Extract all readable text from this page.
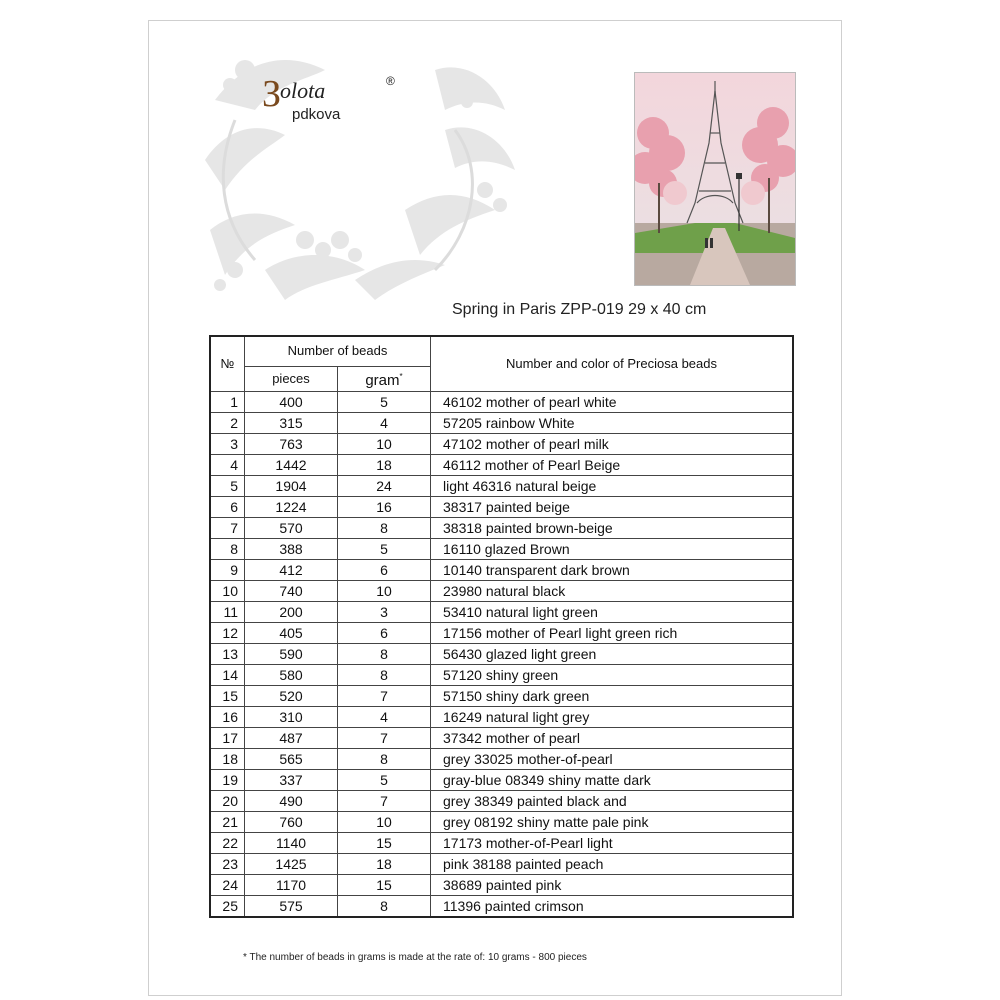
З
olota	®
pdkova
Spring in Paris ZPP-019 29 x 40 cm
№	Number of beads		Number and color of Preciosa beads
	pieces	gram*
1	400	5	46102 mother of pearl white
2	315	4	57205 rainbow White
3	763	10	47102 mother of pearl milk
4	1442	18	46112 mother of Pearl Beige
5	1904	24	light 46316 natural beige
6	1224	16	38317 painted beige
7	570	8	38318 painted brown-beige
8	388	5	16110 glazed Brown
9	412	6	10140 transparent dark brown
10	740	10	23980 natural black
11	200	3	53410 natural light green
12	405	6	17156 mother of Pearl light green rich
13	590	8	56430 glazed light green
14	580	8	57120 shiny green
15	520	7	57150 shiny dark green
16	310	4	16249 natural light grey
17	487	7	37342 mother of pearl
18	565	8	grey 33025 mother-of-pearl
19	337	5	gray-blue 08349 shiny matte dark
20	490	7	grey 38349 painted black and
21	760	10	grey 08192 shiny matte pale pink
22	1140	15	17173 mother-of-Pearl light
23	1425	18	pink 38188 painted peach
24	1170	15	38689 painted pink
25	575	8	11396 painted crimson
* The number of beads in grams is made at the rate of: 10 grams - 800 pieces
